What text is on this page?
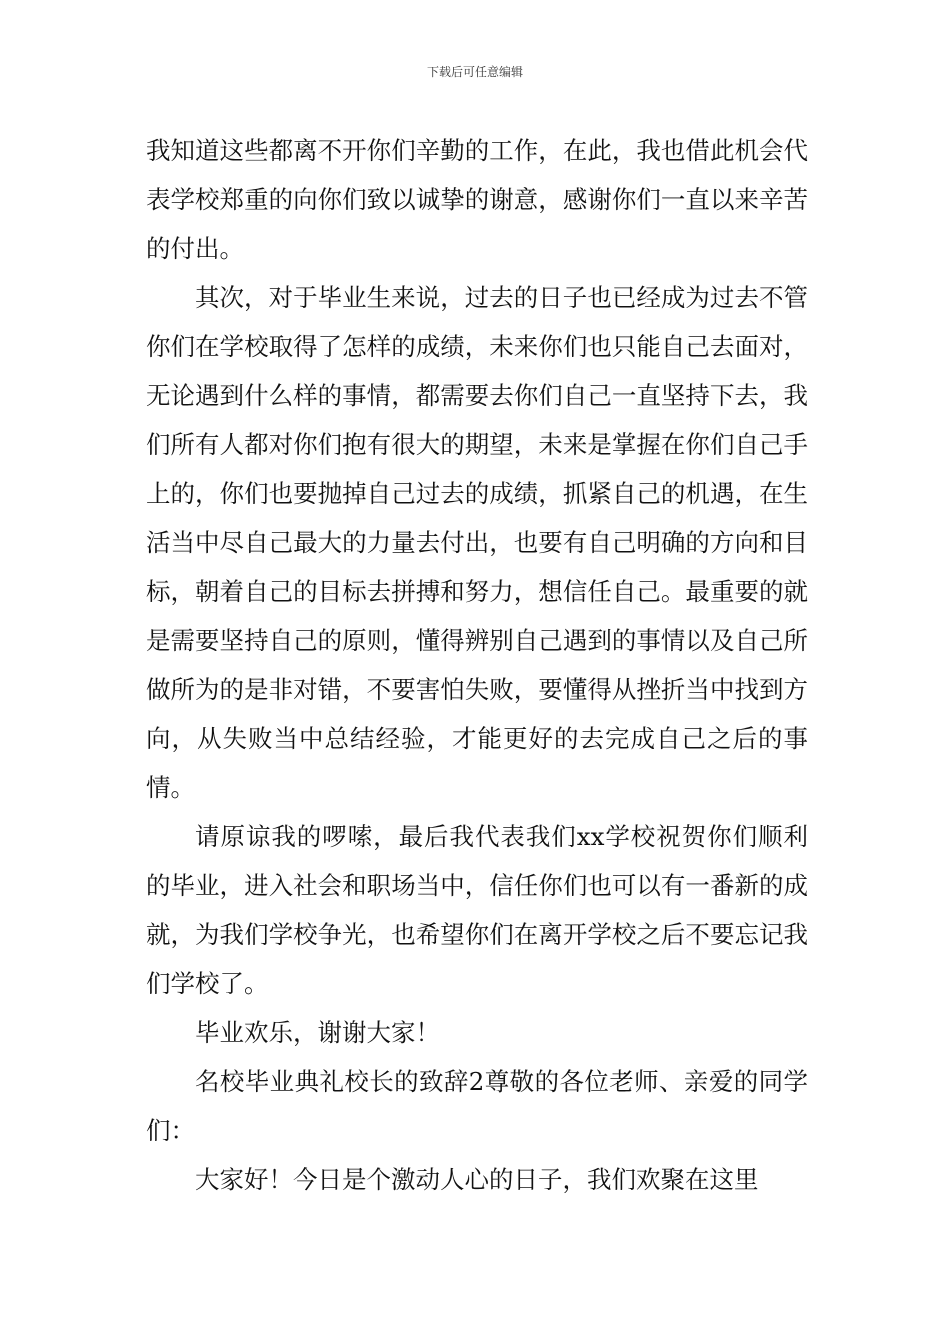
下载后可任意编辑

我知道这些都离不开你们辛勤的工作，在此，我也借此机会代表学校郑重的向你们致以诚挚的谢意，感谢你们一直以来辛苦的付出。

其次，对于毕业生来说，过去的日子也已经成为过去不管你们在学校取得了怎样的成绩，未来你们也只能自己去面对，无论遇到什么样的事情，都需要去你们自己一直坚持下去，我们所有人都对你们抱有很大的期望，未来是掌握在你们自己手上的，你们也要抛掉自己过去的成绩，抓紧自己的机遇，在生活当中尽自己最大的力量去付出，也要有自己明确的方向和目标，朝着自己的目标去拼搏和努力，想信任自己。最重要的就是需要坚持自己的原则，懂得辨别自己遇到的事情以及自己所做所为的是非对错，不要害怕失败，要懂得从挫折当中找到方向，从失败当中总结经验，才能更好的去完成自己之后的事情。

请原谅我的啰嗦，最后我代表我们xx学校祝贺你们顺利的毕业，进入社会和职场当中，信任你们也可以有一番新的成就，为我们学校争光，也希望你们在离开学校之后不要忘记我们学校了。

毕业欢乐，谢谢大家！

名校毕业典礼校长的致辞2尊敬的各位老师、亲爱的同学们：

大家好！今日是个激动人心的日子，我们欢聚在这里
